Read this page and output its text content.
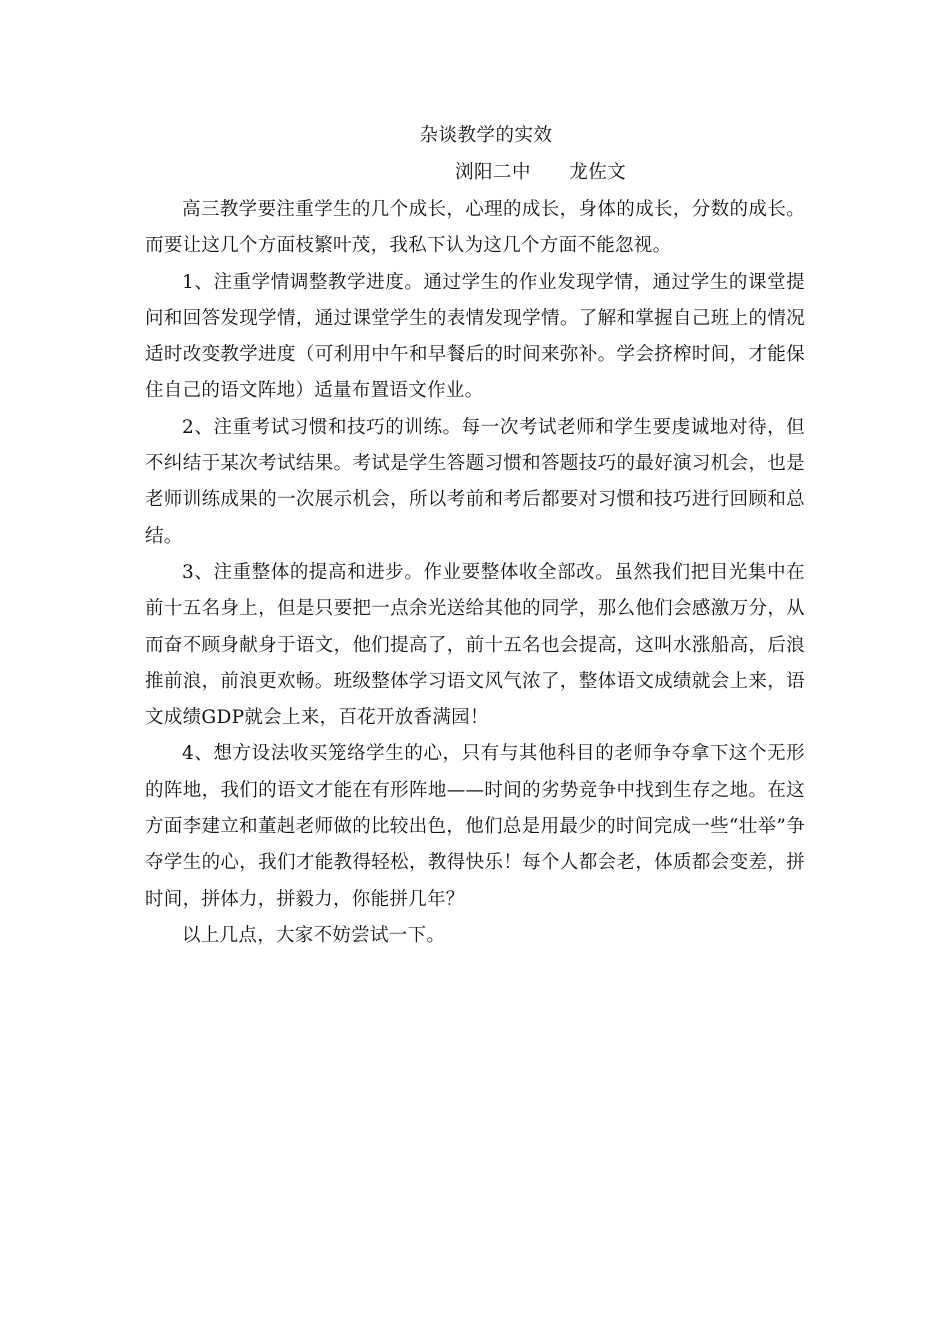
杂谈教学的实效
浏阳二中      龙佐文

高三教学要注重学生的几个成长，心理的成长，身体的成长，分数的成长。而要让这几个方面枝繁叶茂，我私下认为这几个方面不能忽视。

1、注重学情调整教学进度。通过学生的作业发现学情，通过学生的课堂提问和回答发现学情，通过课堂学生的表情发现学情。了解和掌握自己班上的情况适时改变教学进度（可利用中午和早餐后的时间来弥补。学会挤榨时间，才能保住自己的语文阵地）适量布置语文作业。

2、注重考试习惯和技巧的训练。每一次考试老师和学生要虔诚地对待，但不纠结于某次考试结果。考试是学生答题习惯和答题技巧的最好演习机会，也是老师训练成果的一次展示机会，所以考前和考后都要对习惯和技巧进行回顾和总结。

3、注重整体的提高和进步。作业要整体收全部改。虽然我们把目光集中在前十五名身上，但是只要把一点余光送给其他的同学，那么他们会感激万分，从而奋不顾身献身于语文，他们提高了，前十五名也会提高，这叫水涨船高，后浪推前浪，前浪更欢畅。班级整体学习语文风气浓了，整体语文成绩就会上来，语文成绩GDP就会上来，百花开放香满园！

4、想方设法收买笼络学生的心，只有与其他科目的老师争夺拿下这个无形的阵地，我们的语文才能在有形阵地——时间的劣势竞争中找到生存之地。在这方面李建立和董赳老师做的比较出色，他们总是用最少的时间完成一些“壮举”争夺学生的心，我们才能教得轻松，教得快乐！每个人都会老，体质都会变差，拼时间，拼体力，拼毅力，你能拼几年？

以上几点，大家不妨尝试一下。
